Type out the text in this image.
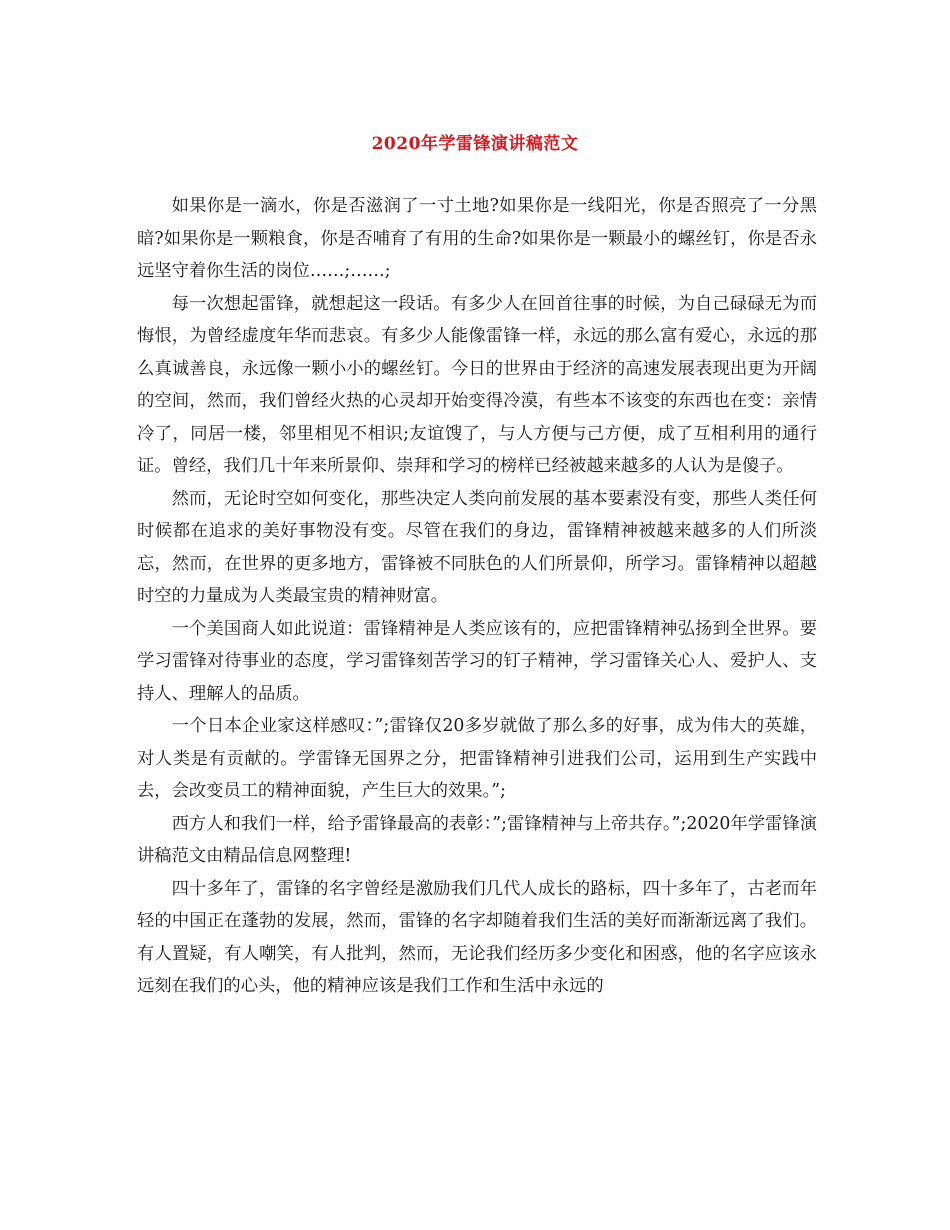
2020年学雷锋演讲稿范文

如果你是一滴水，你是否滋润了一寸土地?如果你是一线阳光，你是否照亮了一分黑暗?如果你是一颗粮食，你是否哺育了有用的生命?如果你是一颗最小的螺丝钉，你是否永远坚守着你生活的岗位……;……;

每一次想起雷锋，就想起这一段话。有多少人在回首往事的时候，为自己碌碌无为而悔恨，为曾经虚度年华而悲哀。有多少人能像雷锋一样，永远的那么富有爱心，永远的那么真诚善良，永远像一颗小小的螺丝钉。今日的世界由于经济的高速发展表现出更为开阔的空间，然而，我们曾经火热的心灵却开始变得冷漠，有些本不该变的东西也在变：亲情冷了，同居一楼，邻里相见不相识;友谊馊了，与人方便与己方便，成了互相利用的通行证。曾经，我们几十年来所景仰、崇拜和学习的榜样已经被越来越多的人认为是傻子。

然而，无论时空如何变化，那些决定人类向前发展的基本要素没有变，那些人类任何时候都在追求的美好事物没有变。尽管在我们的身边，雷锋精神被越来越多的人们所淡忘，然而，在世界的更多地方，雷锋被不同肤色的人们所景仰，所学习。雷锋精神以超越时空的力量成为人类最宝贵的精神财富。

一个美国商人如此说道：雷锋精神是人类应该有的，应把雷锋精神弘扬到全世界。要学习雷锋对待事业的态度，学习雷锋刻苦学习的钉子精神，学习雷锋关心人、爱护人、支持人、理解人的品质。

一个日本企业家这样感叹：”;雷锋仅20多岁就做了那么多的好事，成为伟大的英雄，对人类是有贡献的。学雷锋无国界之分，把雷锋精神引进我们公司，运用到生产实践中去，会改变员工的精神面貌，产生巨大的效果。”;

西方人和我们一样，给予雷锋最高的表彰：”;雷锋精神与上帝共存。”;2020年学雷锋演讲稿范文由精品信息网整理!

四十多年了，雷锋的名字曾经是激励我们几代人成长的路标，四十多年了，古老而年轻的中国正在蓬勃的发展，然而，雷锋的名字却随着我们生活的美好而渐渐远离了我们。有人置疑，有人嘲笑，有人批判，然而，无论我们经历多少变化和困惑，他的名字应该永远刻在我们的心头，他的精神应该是我们工作和生活中永远的
